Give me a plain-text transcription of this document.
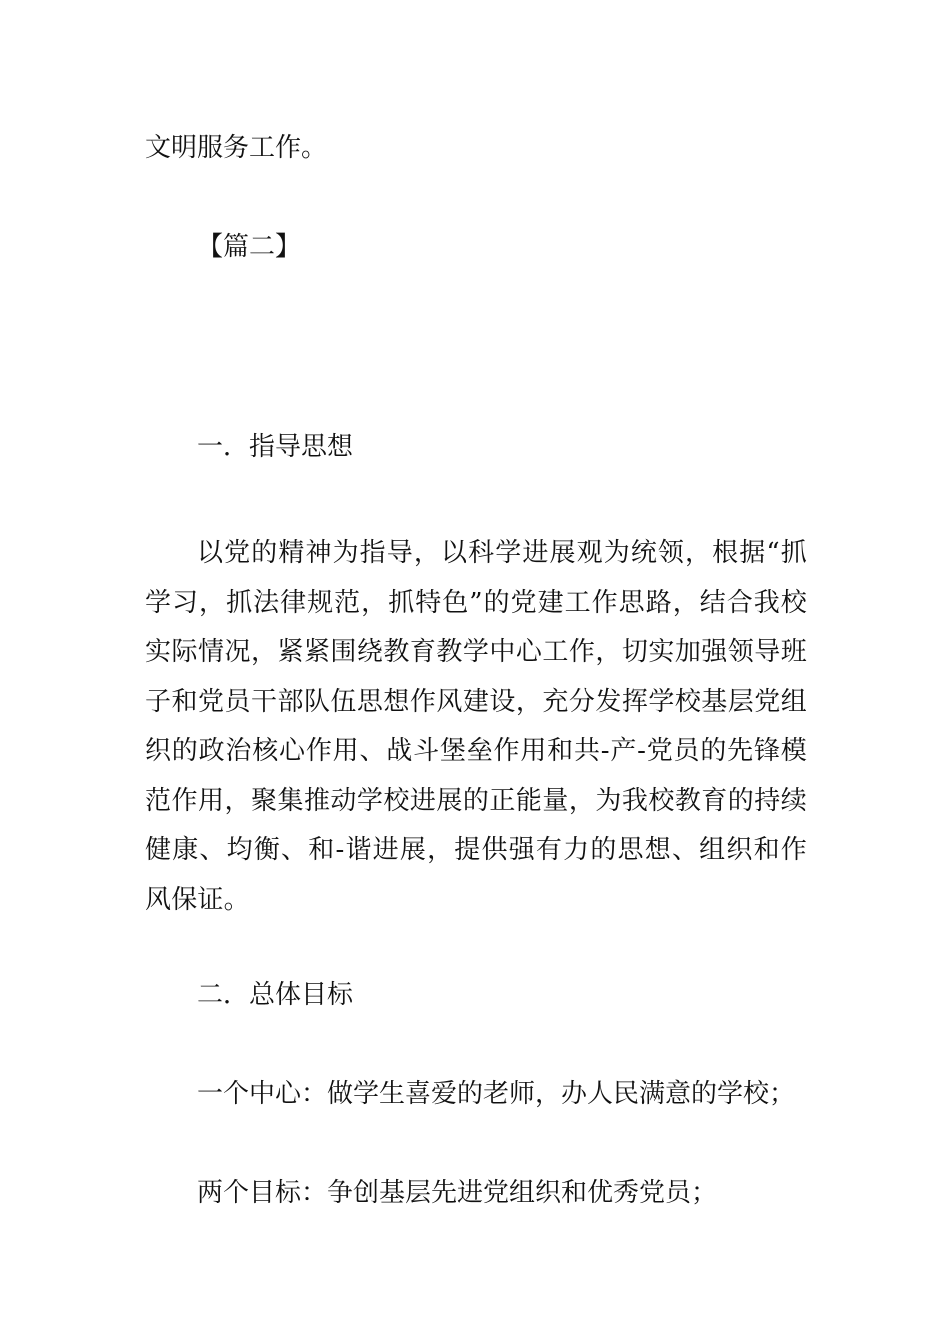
文明服务工作。

【篇二】

一．指导思想

以党的精神为指导，以科学进展观为统领，根据“抓学习，抓法律规范，抓特色”的党建工作思路，结合我校实际情况，紧紧围绕教育教学中心工作，切实加强领导班子和党员干部队伍思想作风建设，充分发挥学校基层党组织的政治核心作用、战斗堡垒作用和共-产-党员的先锋模范作用，聚集推动学校进展的正能量，为我校教育的持续健康、均衡、和-谐进展，提供强有力的思想、组织和作风保证。

二．总体目标

一个中心：做学生喜爱的老师，办人民满意的学校；

两个目标：争创基层先进党组织和优秀党员；
